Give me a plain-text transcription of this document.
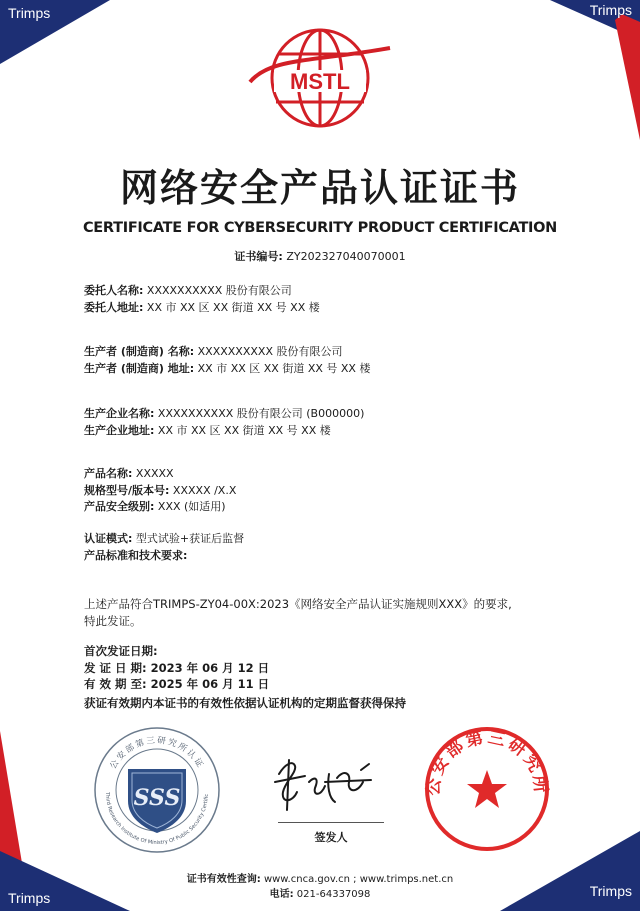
Trimps	Trimps
Trimps	Trimps
MSTL
网络安全产品认证证书
CERTIFICATE FOR CYBERSECURITY PRODUCT CERTIFICATION
证书编号: ZY2023270400700​01
委托人名称: XXXXXXXXXX 股份有限公司
委托人地址: XX 市 XX 区 XX 街道 XX 号 XX 楼
生产者 (制造商) 名称: XXXXXXXXXX 股份有限公司
生产者 (制造商) 地址: XX 市 XX 区 XX 街道 XX 号 XX 楼
生产企业名称: XXXXXXXXXX 股份有限公司 (B000000)
生产企业地址: XX 市 XX 区 XX 街道 XX 号 XX 楼
产品名称: XXXXX
规格型号/版本号: XXXXX /X.X
产品安全级别: XXX (如适用)
认证模式: 型式试验+获证后监督
产品标准和技术要求:
上述产品符合TRIMPS-ZY04-00X:2023《网络安全产品认证实施规则XXX》的要求,
特此发证。
首次发证日期:
发 证 日 期: 2023 年 06 月 12 日
有 效 期 至: 2025 年 06 月 11 日
获证有效期内本证书的有效性依据认证机构的定期监督获得保持
公安部第三研究所认证
Third Research Institute Of Ministry Of Public Security Certific
SSS
签发人
公安部第三研究所
证书有效性查询: www.cnca.gov.cn ; www.trimps.net.cn
电话: 021-64337098
